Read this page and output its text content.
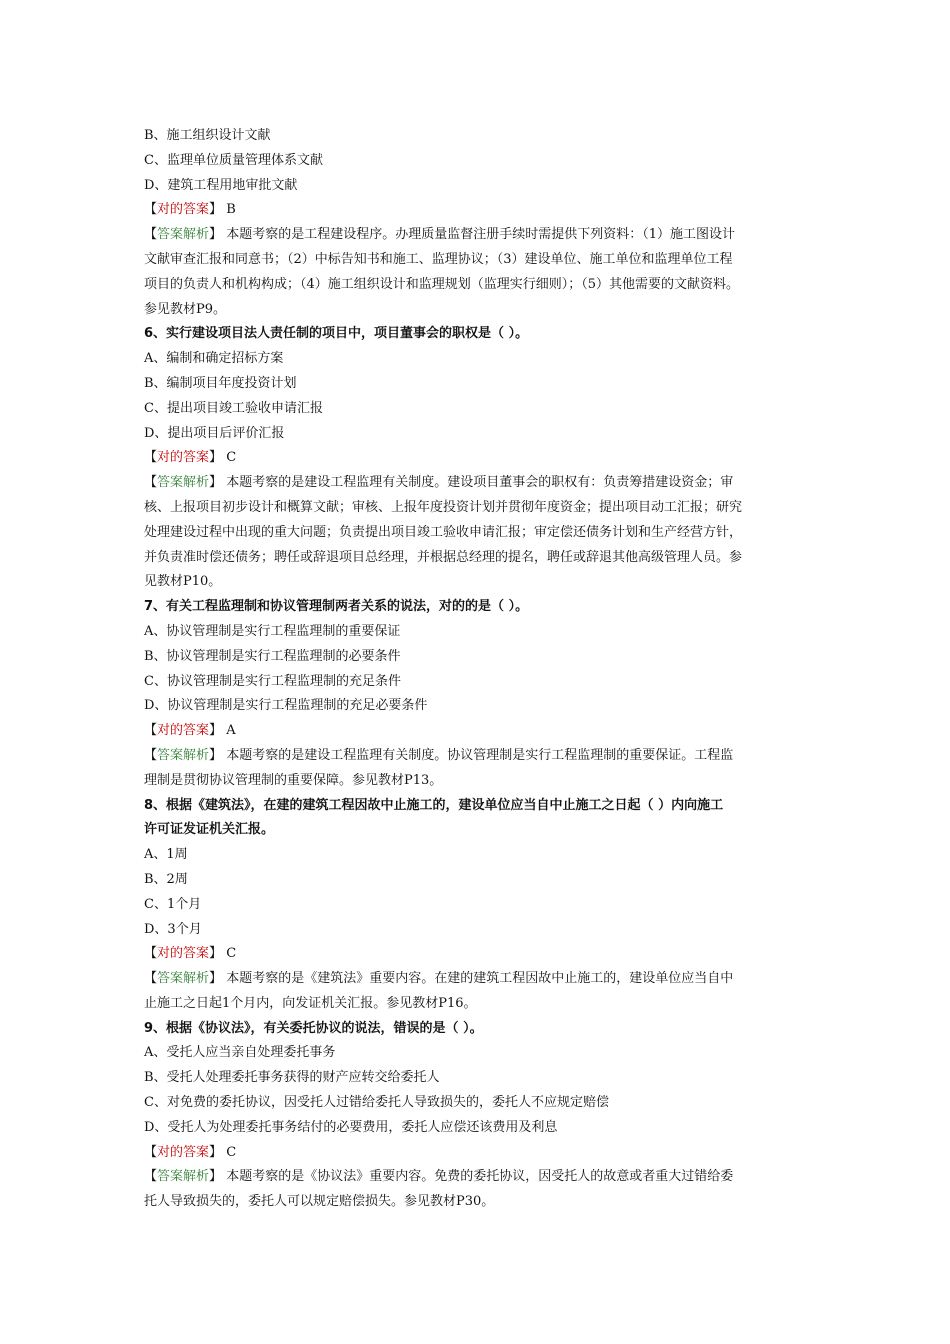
B、施工组织设计文献
C、监理单位质量管理体系文献
D、建筑工程用地审批文献
【对的答案】 B
【答案解析】 本题考察的是工程建设程序。办理质量监督注册手续时需提供下列资料：（1）施工图设计
文献审查汇报和同意书；（2）中标告知书和施工、监理协议；（3）建设单位、施工单位和监理单位工程
项目的负责人和机构构成；（4）施工组织设计和监理规划（监理实行细则）；（5）其他需要的文献资料。
参见教材P9。
6、实行建设项目法人责任制的项目中，项目董事会的职权是（ ）。
A、编制和确定招标方案
B、编制项目年度投资计划
C、提出项目竣工验收申请汇报
D、提出项目后评价汇报
【对的答案】 C
【答案解析】 本题考察的是建设工程监理有关制度。建设项目董事会的职权有：负责筹措建设资金；审
核、上报项目初步设计和概算文献；审核、上报年度投资计划并贯彻年度资金；提出项目动工汇报；研究
处理建设过程中出现的重大问题；负责提出项目竣工验收申请汇报；审定偿还债务计划和生产经营方针，
并负责准时偿还债务；聘任或辞退项目总经理，并根据总经理的提名，聘任或辞退其他高级管理人员。参
见教材P10。
7、有关工程监理制和协议管理制两者关系的说法，对的的是（ ）。
A、协议管理制是实行工程监理制的重要保证
B、协议管理制是实行工程监理制的必要条件
C、协议管理制是实行工程监理制的充足条件
D、协议管理制是实行工程监理制的充足必要条件
【对的答案】 A
【答案解析】 本题考察的是建设工程监理有关制度。协议管理制是实行工程监理制的重要保证。工程监
理制是贯彻协议管理制的重要保障。参见教材P13。
8、根据《建筑法》，在建的建筑工程因故中止施工的，建设单位应当自中止施工之日起（ ）内向施工
许可证发证机关汇报。
A、1周
B、2周
C、1个月
D、3个月
【对的答案】 C
【答案解析】 本题考察的是《建筑法》重要内容。在建的建筑工程因故中止施工的，建设单位应当自中
止施工之日起1个月内，向发证机关汇报。参见教材P16。
9、根据《协议法》，有关委托协议的说法，错误的是（ ）。
A、受托人应当亲自处理委托事务
B、受托人处理委托事务获得的财产应转交给委托人
C、对免费的委托协议，因受托人过错给委托人导致损失的，委托人不应规定赔偿
D、受托人为处理委托事务结付的必要费用，委托人应偿还该费用及利息
【对的答案】 C
【答案解析】 本题考察的是《协议法》重要内容。免费的委托协议，因受托人的故意或者重大过错给委
托人导致损失的，委托人可以规定赔偿损失。参见教材P30。
